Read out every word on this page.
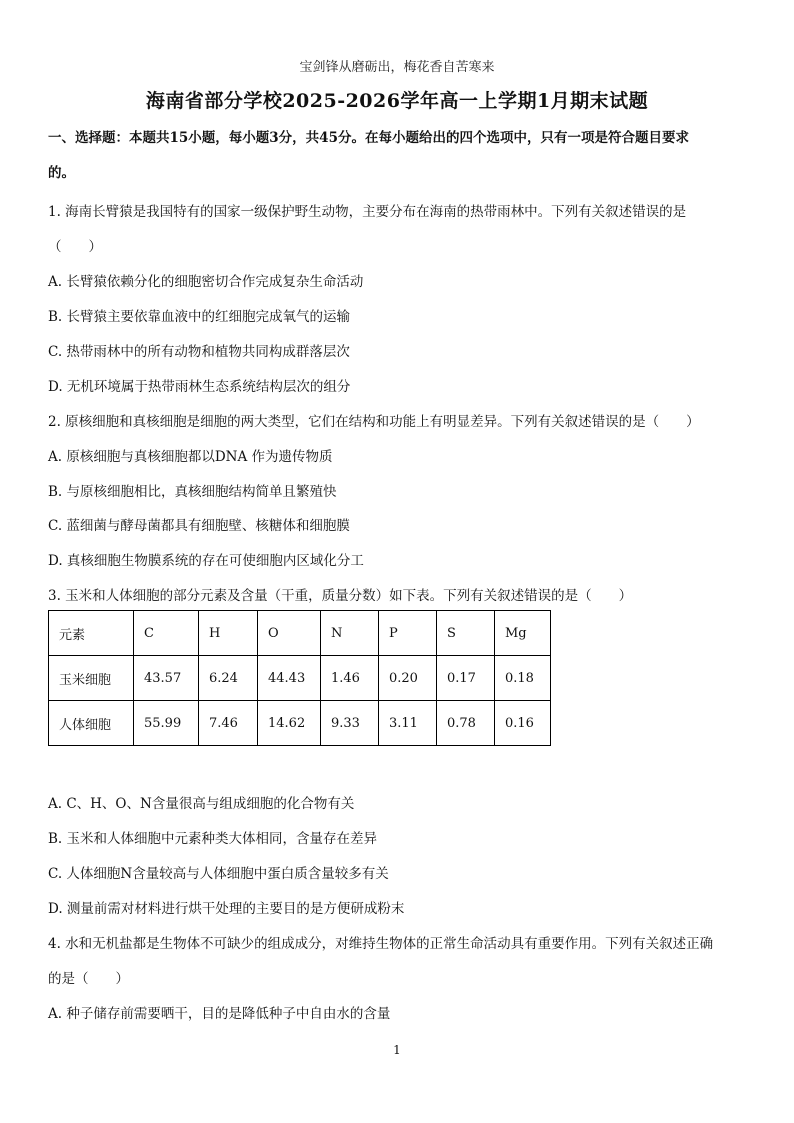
宝剑锋从磨砺出，梅花香自苦寒来
海南省部分学校2025-2026学年高一上学期1月期末试题
一、选择题：本题共15小题，每小题3分，共45分。在每小题给出的四个选项中，只有一项是符合题目要求
的。
1. 海南长臂猿是我国特有的国家一级保护野生动物，主要分布在海南的热带雨林中。下列有关叙述错误的是
（　　）
A. 长臂猿依赖分化的细胞密切合作完成复杂生命活动
B. 长臂猿主要依靠血液中的红细胞完成氧气的运输
C. 热带雨林中的所有动物和植物共同构成群落层次
D. 无机环境属于热带雨林生态系统结构层次的组分
2. 原核细胞和真核细胞是细胞的两大类型，它们在结构和功能上有明显差异。下列有关叙述错误的是（　　）
A. 原核细胞与真核细胞都以DNA 作为遗传物质
B. 与原核细胞相比，真核细胞结构简单且繁殖快
C. 蓝细菌与酵母菌都具有细胞壁、核糖体和细胞膜
D. 真核细胞生物膜系统的存在可使细胞内区域化分工
3. 玉米和人体细胞的部分元素及含量（干重，质量分数）如下表。下列有关叙述错误的是（　　）
元素	C	H	O	N	P	S	Mg
玉米细胞	43.57	6.24	44.43	1.46	0.20	0.17	0.18
人体细胞	55.99	7.46	14.62	9.33	3.11	0.78	0.16
A. C、H、O、N含量很高与组成细胞的化合物有关
B. 玉米和人体细胞中元素种类大体相同，含量存在差异
C. 人体细胞N含量较高与人体细胞中蛋白质含量较多有关
D. 测量前需对材料进行烘干处理的主要目的是方便研成粉末
4. 水和无机盐都是生物体不可缺少的组成成分，对维持生物体的正常生命活动具有重要作用。下列有关叙述正确
的是（　　）
A. 种子储存前需要晒干，目的是降低种子中自由水的含量
1
